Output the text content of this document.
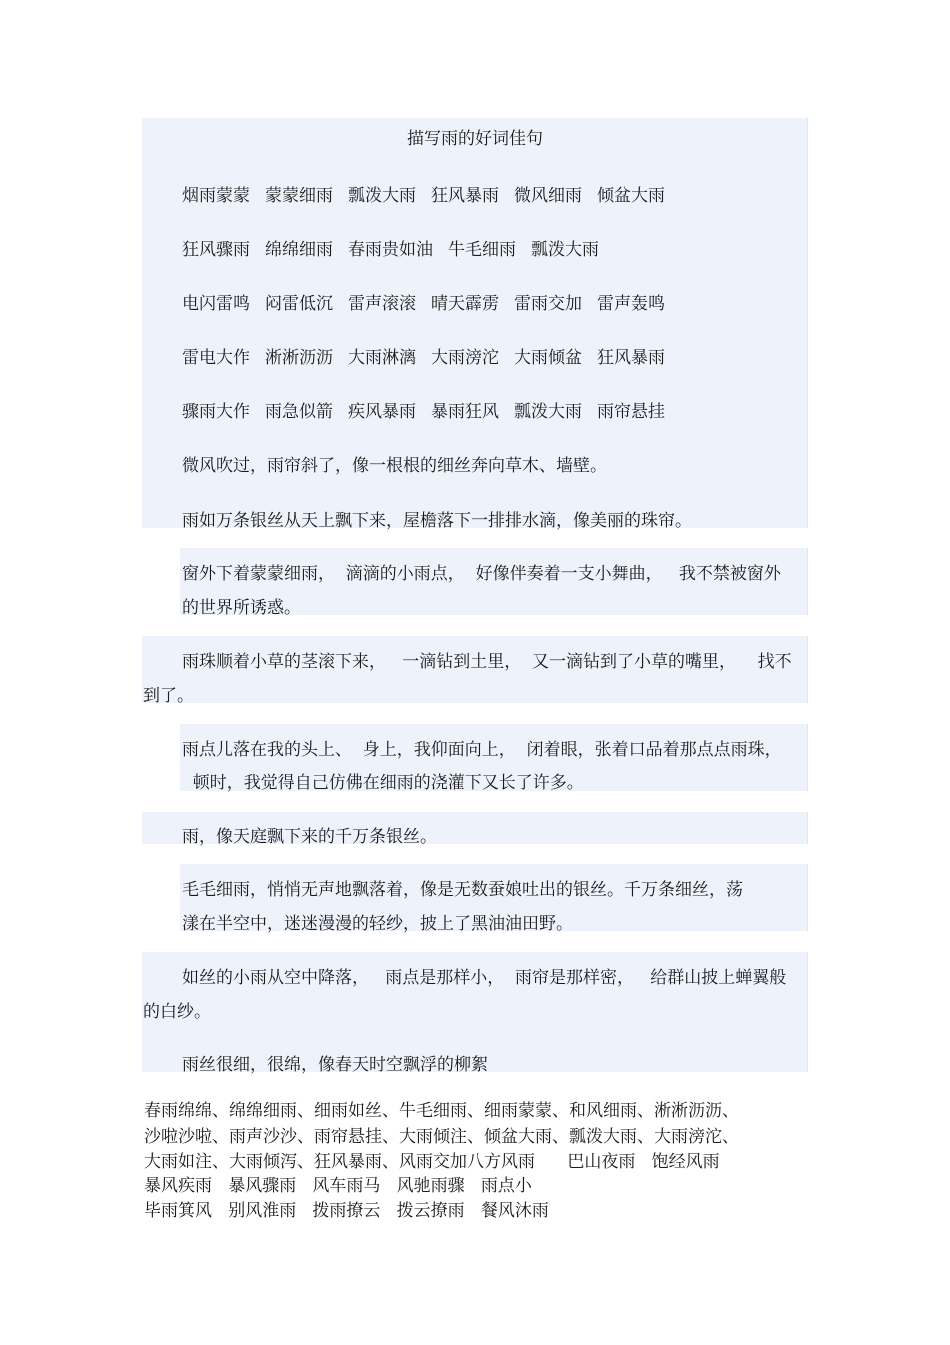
描写雨的好词佳句
烟雨蒙蒙 蒙蒙细雨 瓢泼大雨 狂风暴雨 微风细雨 倾盆大雨
狂风骤雨 绵绵细雨 春雨贵如油 牛毛细雨 瓢泼大雨
电闪雷鸣 闷雷低沉 雷声滚滚 晴天霹雳 雷雨交加 雷声轰鸣
雷电大作 淅淅沥沥 大雨淋漓 大雨滂沱 大雨倾盆 狂风暴雨
骤雨大作 雨急似箭 疾风暴雨 暴雨狂风 瓢泼大雨 雨帘悬挂
微风吹过，雨帘斜了，像一根根的细丝奔向草木、墙壁。
雨如万条银丝从天上飘下来，屋檐落下一排排水滴，像美丽的珠帘。
窗外下着蒙蒙细雨，  滴滴的小雨点，  好像伴奏着一支小舞曲，   我不禁被窗外
的世界所诱惑。
雨珠顺着小草的茎滚下来，   一滴钻到土里，  又一滴钻到了小草的嘴里，    找不
到了。
雨点儿落在我的头上、  身上，我仰面向上，  闭着眼，张着口品着那点点雨珠，
顿时，我觉得自己仿佛在细雨的浇灌下又长了许多。
雨，像天庭飘下来的千万条银丝。
毛毛细雨，悄悄无声地飘落着，像是无数蚕娘吐出的银丝。千万条细丝，荡
漾在半空中，迷迷漫漫的轻纱，披上了黑油油田野。
如丝的小雨从空中降落，   雨点是那样小，  雨帘是那样密，   给群山披上蝉翼般
的白纱。
雨丝很细，很绵，像春天时空飘浮的柳絮
春雨绵绵、绵绵细雨、细雨如丝、牛毛细雨、细雨蒙蒙、和风细雨、淅淅沥沥、
沙啦沙啦、雨声沙沙、雨帘悬挂、大雨倾注、倾盆大雨、瓢泼大雨、大雨滂沱、
大雨如注、大雨倾泻、狂风暴雨、风雨交加八方风雨      巴山夜雨   饱经风雨
暴风疾雨   暴风骤雨   风车雨马   风驰雨骤   雨点小
毕雨箕风   别风淮雨   拨雨撩云   拨云撩雨   餐风沐雨
